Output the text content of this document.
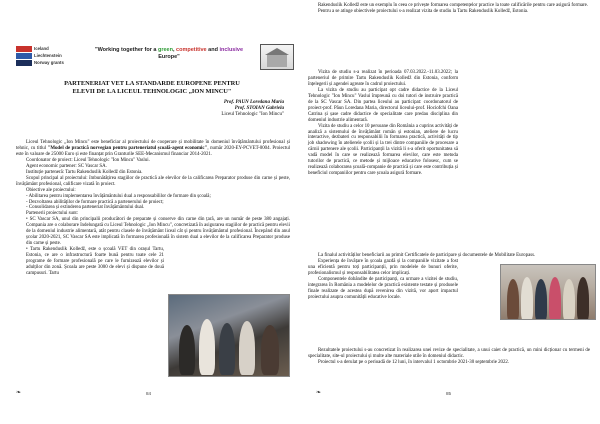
Iceland
Liechtenstein
Norway grants
"Working together for a green, competitive and inclusive
Europe"
PARTENERIAT VET LA STANDARDE EUROPENE PENTRU
ELEVII DE LA LICEUL TEHNOLOGIC „ION MINCU"
Prof. PAUN Loredana Maria
Prof. STOIAN Gabriela
Liceul Tehnologic "Ion Mincu"

Liceul Tehnologic „Ion Mincu" este beneficiar al proiectului de cooperare și mobilitate în domeniul învățământului profesional și tehnic, cu titlul "Model de practică norvegian pentru parteneriatul școală-agent economic", număr 2020-EY-PCVET-0004. Proiectul este în valoare de 25000 Euro și este finanțat prin Granturile SEE-Mecanismul financiar 2014-2021.

Coordonator de proiect: Liceul Tehnologic "Ion Mincu" Vaslui.

Agent economic partener: SC Vascar SA.

Instituție parteneră: Tartu Rakenduslik Kolledž din Estonia.

Scopul principal al proiectului: îmbunătățirea stagiilor de practică ale elevilor de la calificarea Preparator produse din carne și peste, învățământ profesional, calificare vizată în proiect.

Obiective ale proiectului:

- Abilitarea pentru implementarea învățământului dual a responsabililor de formare din școală;

- Dezvoltarea abilităților de formare practică a partenerului de proiect;

- Consolidarea și extinderea parteneriat învățământului dual.

Partenerii proiectului sunt:

• SC Vascar SA, unul din principalii producători de preparate și conserve din carne din țară, are un număr de peste 380 angajați. Compania are o colaborare îndelungată cu Liceul Tehnologic „Ion Mincu", concretizată în asigurarea stagiilor de practică pentru elevii de la domeniul industrie alimentară, atât pentru clasele de învățământ liceal cât și pentru învățământul profesional. Începând din anul școlar 2020-2021, SC Vascar SA este implicată în formarea profesională în sistem dual a elevilor de la calificarea Preparator produse din carne și peste.

• Tartu Rakenduslik Kolledž, este o școală VET din orașul Tartu, Estonia, ce are o infrastructură foarte bună pentru toate cele 21 programe de formare profesională pe care le furnizează elevilor și adulților din zonă. Școala are peste 3000 de elevi și dispune de două campusuri. Tartu
❧	84

Rakenduslik Kolledž este un exemplu în ceea ce privește formarea competențelor practice la toate calificările pentru care asigură formare.

Pentru a se atinge obiectivele proiectului s-a realizat vizita de studiu la Tartu Rakenduslik Kolledž, Estonia.

Vizita de studiu s-a realizat în perioada 07.03.2022.-11.03.2022; la parteneriul de primire Tartu Rakenduslik Kolledž din Estonia, conform înțelegerii și agendei agreate în cadrul proiectului.

La vizita de studiu au participat opt cadre didactice de la Liceul Tehnologic "Ion Mincu" Vaslui împreună cu doi tutori de instruire practică de la SC Vascar SA. Din partea liceului au participat: coordonatorul de proiect-prof. Păun Loredana Maria, directorul liceului-prof. Hociofchi Oana Catrina și șase cadre didactice de specialitate care predau disciplina din domeniul industrie alimentară.

Vizita de studiu a celor 10 persoane din România a cuprins activități de analiză a sistemului de învățământ român și estonian, ateliere de lucru interactive, dezbateri cu responsabilii în formarea practică, activități de tip job shadowing în atelierele școlii și la trei dintre companiile de procesare a cărnii partenere ale școlii. Participanții la vizită li s-a oferit oportunitatea să vadă model în care se realizează formarea elevilor, care este metoda tutorilor de practică, ce metode și mijloace educative folosesc, cum se realizează colaborarea școală-companie de practică și care este contribuția și beneficiul companiilor pentru care școala asigură formare.

La finalul activităților beneficiarii au primit Certificatele de participare și documentele de Mobilitate Europass.

Experiența de învățare în școala gazdă și la companiile vizitate a fost una eficientă pentru toți participanții, prin modelele de bunuri oferite, profesionalismul și responsabilitatea celor implicați.

Componentele dobândite de participanți, ca urmare a vizitei de studiu, integrarea în România a modelelor de practică existente testate și produsele finale realizate de acestea după revenirea din vizită, vor aport impactul proiectului asupra comunității educative locale.

Rezultatele proiectului s-au concretizat în realizarea unei revize de specialitate, a unui caiet de practică, un mini dicționar cu termeni de specialitate, site-ul proiectului și multe alte materiale utile în domeniul didactic.

Proiectul s-a derulat pe o perioadă de 12 luni, în intervalul 1 octombrie 2021-30 septembrie 2022.

❧	85
